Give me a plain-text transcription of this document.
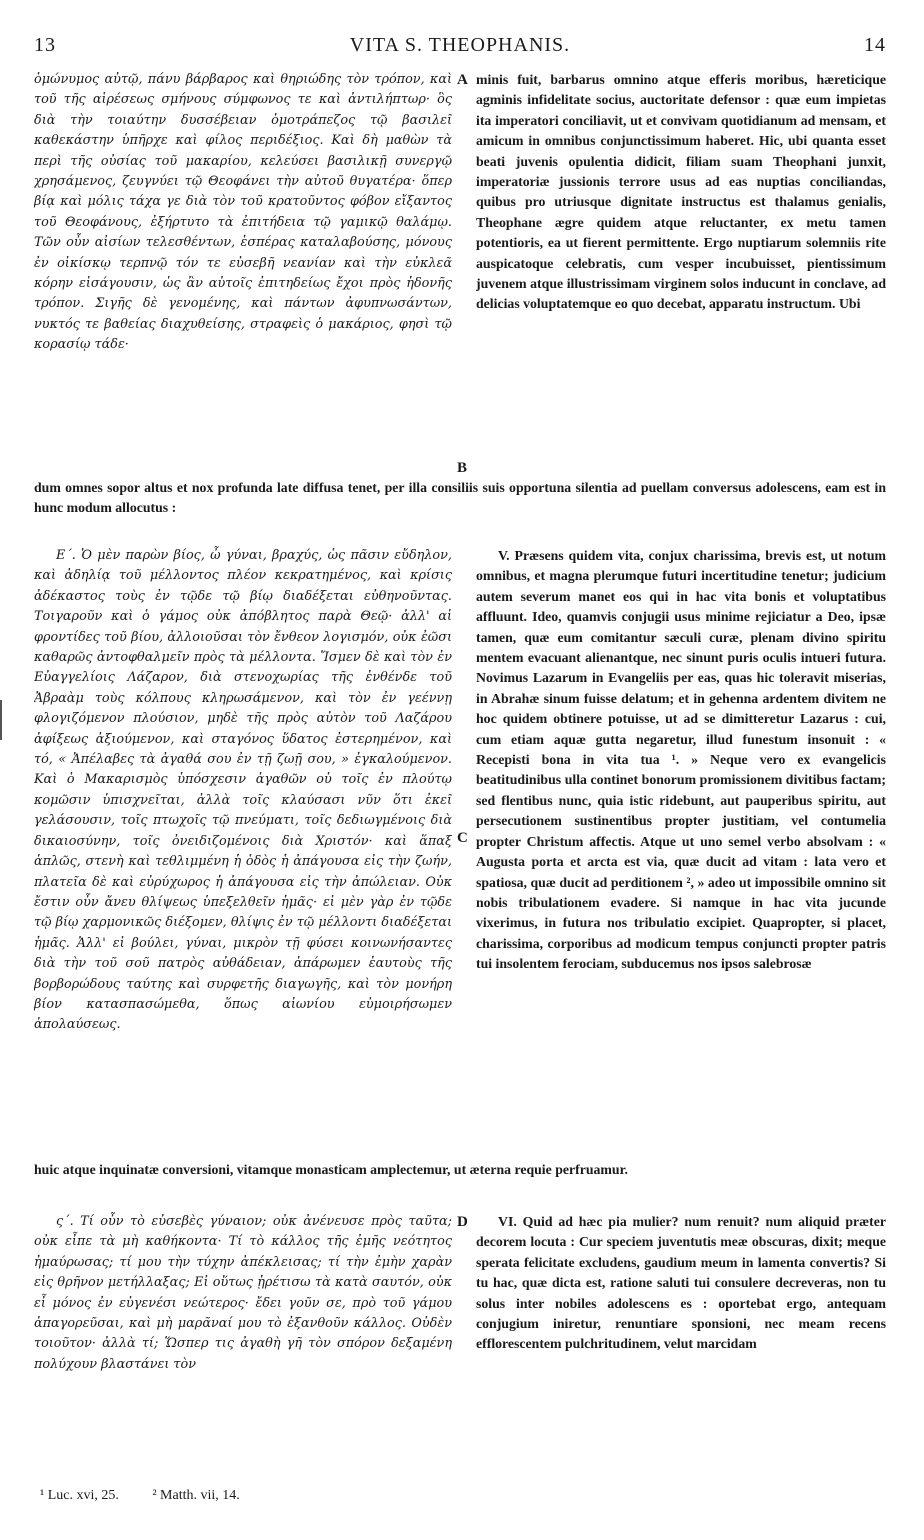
13	VITA S. THEOPHANIS.	14

ὁμώνυμος αὐτῷ, πάνυ βάρβαρος καὶ θηριώδης τὸν τρόπον, καὶ τοῦ τῆς αἱρέσεως σμήνους σύμφωνος τε καὶ ἀντιλήπτωρ· ὃς διὰ τὴν τοιαύτην δυσσέβειαν ὁμοτράπεζος τῷ βασιλεῖ καθεκάστην ὑπῆρχε καὶ φίλος περιδέξιος. Καὶ δὴ μαθὼν τὰ περὶ τῆς οὐσίας τοῦ μακαρίου, κελεύσει βασιλικῇ συνεργῷ χρησάμενος, ζευγνύει τῷ Θεοφάνει τὴν αὐτοῦ θυγατέρα· ὅπερ βίᾳ καὶ μόλις τάχα γε διὰ τὸν τοῦ κρατοῦντος φόβον εἴξαντος τοῦ Θεοφάνους, ἐξήρτυτο τὰ ἐπιτήδεια τῷ γαμικῷ θαλάμῳ. Τῶν οὖν αἰσίων τελεσθέντων, ἑσπέρας καταλαβούσης, μόνους ἐν οἰκίσκῳ τερπνῷ τόν τε εὐσεβῆ νεανίαν καὶ τὴν εὐκλεᾶ κόρην εἰσάγουσιν, ὡς ἂν αὐτοῖς ἐπιτηδείως ἔχοι πρὸς ἡδονῆς τρόπον. Σιγῆς δὲ γενομένης, καὶ πάντων ἀφυπνωσάντων, νυκτός τε βαθείας διαχυθείσης, στραφεὶς ὁ μακάριος, φησὶ τῷ κορασίῳ τάδε·

A minis fuit, barbarus omnino atque efferis moribus, hæreticique agminis infidelitate socius, auctoritate defensor : quæ eum impietas ita imperatori conciliavit, ut et convivam quotidianum ad mensam, et amicum in omnibus conjunctissimum haberet. Hic, ubi quanta esset beati juvenis opulentia didicit, filiam suam Theophani junxit, imperatoriæ jussionis terrore usus ad eas nuptias conciliandas, quibus pro utriusque dignitate instructus est thalamus genialis, Theophane ægre quidem atque reluctanter, ex metu tamen potentioris, ea ut fierent permittente. Ergo nuptiarum solemniis rite auspicatoque celebratis, cum vesper incubuisset, pientissimum juvenem atque illustrissimam virginem solos inducunt in conclave, ad delicias voluptatemque eo quo decebat, apparatu instructum. Ubi

B
dum omnes sopor altus et nox profunda late diffusa tenet, per illa consiliis suis opportuna silentia ad puellam conversus adolescens, eam est in hunc modum allocutus :

Ε΄. Ὁ μὲν παρὼν βίος, ὦ γύναι, βραχύς, ὡς πᾶσιν εὔδηλον, καὶ ἀδηλίᾳ τοῦ μέλλοντος πλέον κεκρατημένος, καὶ κρίσις ἀδέκαστος τοὺς ἐν τῷδε τῷ βίῳ διαδέξεται εὐθηνοῦντας. Τοιγαροῦν καὶ ὁ γάμος οὐκ ἀπόβλητος παρὰ Θεῷ· ἀλλ' αἱ φροντίδες τοῦ βίου, ἀλλοιοῦσαι τὸν ἔνθεον λογισμόν, οὐκ ἐῶσι καθαρῶς ἀντοφθαλμεῖν πρὸς τὰ μέλλοντα. Ἴσμεν δὲ καὶ τὸν ἐν Εὐαγγελίοις Λάζαρον, διὰ στενοχωρίας τῆς ἐνθένδε τοῦ Ἀβραὰμ τοὺς κόλπους κληρωσάμενον, καὶ τὸν ἐν γεέννῃ φλογιζόμενον πλούσιον, μηδὲ τῆς πρὸς αὐτὸν τοῦ Λαζάρου ἀφίξεως ἀξιούμενον, καὶ σταγόνος ὕδατος ἐστερημένον, καὶ τό, « Ἀπέλαβες τὰ ἀγαθά σου ἐν τῇ ζωῇ σου, » ἐγκαλούμενον. Καὶ ὁ Μακαρισμὸς ὑπόσχεσιν ἀγαθῶν οὐ τοῖς ἐν πλούτῳ κομῶσιν ὑπισχνεῖται, ἀλλὰ τοῖς κλαύσασι νῦν ὅτι ἐκεῖ γελάσουσιν, τοῖς πτωχοῖς τῷ πνεύματι, τοῖς δεδιωγμένοις διὰ δικαιοσύνην, τοῖς ὀνειδιζομένοις διὰ Χριστόν· καὶ ἅπαξ ἁπλῶς, στενὴ καὶ τεθλιμμένη ἡ ὁδὸς ἡ ἀπάγουσα εἰς τὴν ζωήν, πλατεῖα δὲ καὶ εὐρύχωρος ἡ ἀπάγουσα εἰς τὴν ἀπώλειαν. Οὐκ ἔστιν οὖν ἄνευ θλίψεως ὑπεξελθεῖν ἡμᾶς· εἰ μὲν γὰρ ἐν τῷδε τῷ βίῳ χαρμονικῶς διέξομεν, θλίψις ἐν τῷ μέλλοντι διαδέξεται ἡμᾶς. Ἀλλ' εἰ βούλει, γύναι, μικρὸν τῇ φύσει κοινωνήσαντες διὰ τὴν τοῦ σοῦ πατρὸς αὐθάδειαν, ἀπάρωμεν ἑαυτοὺς τῆς βορβορώδους ταύτης καὶ συρφετῆς διαγωγῆς, καὶ τὸν μονήρη βίον κατασπασώμεθα, ὅπως αἰωνίου εὐμοιρήσωμεν ἀπολαύσεως.

C

V. Præsens quidem vita, conjux charissima, brevis est, ut notum omnibus, et magna plerumque futuri incertitudine tenetur; judicium autem severum manet eos qui in hac vita bonis et voluptatibus affluunt. Ideo, quamvis conjugii usus minime rejiciatur a Deo, ipsæ tamen, quæ eum comitantur sæculi curæ, plenam divino spiritu mentem evacuant alienantque, nec sinunt puris oculis intueri futura. Novimus Lazarum in Evangeliis per eas, quas hic toleravit miserias, in Abrahæ sinum fuisse delatum; et in gehenna ardentem divitem ne hoc quidem obtinere potuisse, ut ad se dimitteretur Lazarus : cui, cum etiam aquæ gutta negaretur, illud funestum insonuit : « Recepisti bona in vita tua ¹. » Neque vero ex evangelicis beatitudinibus ulla continet bonorum promissionem divitibus factam; sed flentibus nunc, quia istic ridebunt, aut pauperibus spiritu, aut persecutionem sustinentibus propter justitiam, vel contumelia propter Christum affectis. Atque ut uno semel verbo absolvam : « Augusta porta et arcta est via, quæ ducit ad vitam : lata vero et spatiosa, quæ ducit ad perditionem ², » adeo ut impossibile omnino sit nobis tribulationem evadere. Si namque in hac vita jucunde vixerimus, in futura nos tribulatio excipiet. Quapropter, si placet, charissima, corporibus ad modicum tempus conjuncti propter patris tui insolentem ferociam, subducemus nos ipsos salebrosæ

huic atque inquinatæ conversioni, vitamque monasticam amplectemur, ut æterna requie perfruamur.

ς΄. Τί οὖν τὸ εὐσεβὲς γύναιον; οὐκ ἀνένευσε πρὸς ταῦτα; οὐκ εἶπε τὰ μὴ καθήκοντα· Τί τὸ κάλλος τῆς ἐμῆς νεότητος ἠμαύρωσας; τί μου τὴν τύχην ἀπέκλεισας; τί τὴν ἐμὴν χαρὰν εἰς θρῆνον μετήλλαξας; Εἰ οὕτως ᾑρέτισω τὰ κατὰ σαυτόν, οὐκ εἶ μόνος ἐν εὐγενέσι νεώτερος· ἔδει γοῦν σε, πρὸ τοῦ γάμου ἀπαγορεῦσαι, καὶ μὴ μαρᾶναί μου τὸ ἐξανθοῦν κάλλος. Οὐδὲν τοιοῦτον· ἀλλὰ τί; Ὥσπερ τις ἀγαθὴ γῆ τὸν σπόρον δεξαμένη πολύχουν βλαστάνει τὸν

D	VI. Quid ad hæc pia mulier? num renuit? num aliquid præter decorem locuta : Cur speciem juventutis meæ obscuras, dixit; meque sperata felicitate excludens, gaudium meum in lamenta convertis? Si tu hac, quæ dicta est, ratione saluti tui consulere decreveras, non tu solus inter nobiles adolescens es : oportebat ergo, antequam conjugium iniretur, renuntiare sponsioni, nec meam recens efflorescentem pulchritudinem, velut marcidam

¹ Luc. xvi, 25. ² Matth. vii, 14.
